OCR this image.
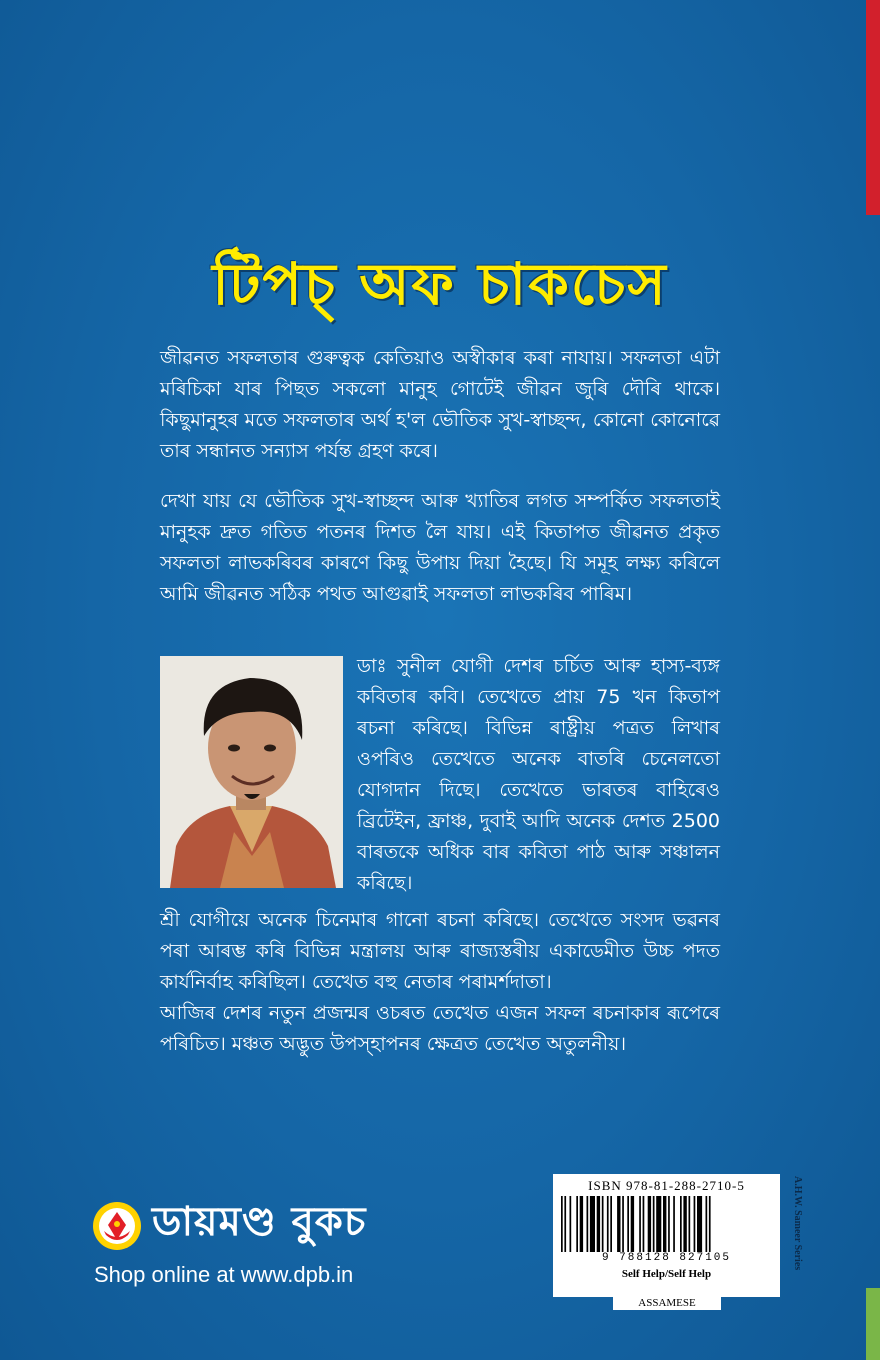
টিপচ্ অফ চাকচেস

জীৱনত সফলতাৰ গুৰুত্বক কেতিয়াও অস্বীকাৰ কৰা নাযায়। সফলতা এটা মৰিচিকা যাৰ পিছত সকলো মানুহ গোটেই জীৱন জুৰি দৌৰি থাকে। কিছুমানুহৰ মতে সফলতাৰ অৰ্থ হ'ল ভৌতিক সুখ-স্বাচ্ছন্দ, কোনো কোনোৱে তাৰ সন্ধানত সন্যাস পৰ্যন্ত গ্ৰহণ কৰে।

দেখা যায় যে ভৌতিক সুখ-স্বাচ্ছন্দ আৰু খ্যাতিৰ লগত সম্পৰ্কিত সফলতাই মানুহক দ্ৰুত গতিত পতনৰ দিশত লৈ যায়। এই কিতাপত জীৱনত প্ৰকৃত সফলতা লাভকৰিবৰ কাৰণে কিছু উপায় দিয়া হৈছে। যি সমূহ লক্ষ্য কৰিলে আমি জীৱনত সঠিক পথত আগুৱাই সফলতা লাভকৰিব পাৰিম।

ডাঃ সুনীল যোগী দেশৰ চৰ্চিত আৰু হাস্য-ব্যঙ্গ কবিতাৰ কবি। তেখেতে প্ৰায় 75 খন কিতাপ ৰচনা কৰিছে। বিভিন্ন ৰাষ্ট্ৰীয় পত্ৰত লিখাৰ ওপৰিও তেখেতে অনেক বাতৰি চেনেলতো যোগদান দিছে। তেখেতে ভাৰতৰ বাহিৰেও ব্ৰিটেইন, ফ্ৰাঞ্চ, দুবাই আদি অনেক দেশত 2500 বাৰতকে অধিক বাৰ কবিতা পাঠ আৰু সঞ্চালন কৰিছে।

শ্ৰী যোগীয়ে অনেক চিনেমাৰ গানো ৰচনা কৰিছে। তেখেতে সংসদ ভৱনৰ পৰা আৰম্ভ কৰি বিভিন্ন মন্ত্ৰালয় আৰু ৰাজ্যস্তৰীয় একাডেমীত উচ্চ পদত কাৰ্যনিৰ্বাহ কৰিছিল। তেখেত বহু নেতাৰ পৰামৰ্শদাতা।

আজিৰ দেশৰ নতুন প্ৰজন্মৰ ওচৰত তেখেত এজন সফল ৰচনাকাৰ ৰূপেৰে পৰিচিত। মঞ্চত অদ্ভুত উপস্হাপনৰ ক্ষেত্ৰত তেখেত অতুলনীয়।

ডায়মণ্ড বুকচ
Shop online at www.dpb.in
ISBN 978-81-288-2710-5
9 788128 827105
Self Help/Self Help
ASSAMESE
A.H.W. Sameer Series
